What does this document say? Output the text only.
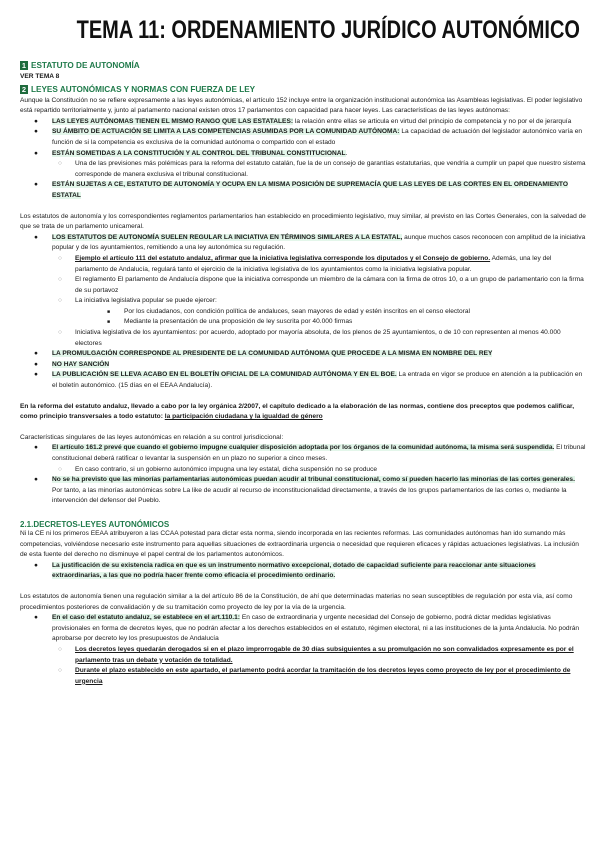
TEMA 11: ORDENAMIENTO JURÍDICO AUTONÓMICO
1 ESTATUTO DE AUTONOMÍA

VER TEMA 8

2 LEYES AUTONÓMICAS Y NORMAS CON FUERZA DE LEY

Aunque la Constitución no se refiere expresamente a las leyes autonómicas, el artículo 152 incluye entre la organización institucional autonómica las Asambleas legislativas. El poder legislativo está repartido territorialmente y, junto al parlamento nacional existen otros 17 parlamentos con capacidad para hacer leyes. Las características de las leyes autónomas:

● LAS LEYES AUTÓNOMAS TIENEN EL MISMO RANGO QUE LAS ESTATALES: la relación entre ellas se articula en virtud del principio de competencia y no por el de jerarquía

● SU ÁMBITO DE ACTUACIÓN SE LIMITA A LAS COMPETENCIAS ASUMIDAS POR LA COMUNIDAD AUTÓNOMA: La capacidad de actuación del legislador autonómico varía en función de si la competencia es exclusiva de la comunidad autónoma o compartido con el estado

● ESTÁN SOMETIDAS A LA CONSTITUCIÓN Y AL CONTROL DEL TRIBUNAL CONSTITUCIONAL.

○ Una de las previsiones más polémicas para la reforma del estatuto catalán, fue la de un consejo de garantías estatutarias, que vendría a cumplir un papel que nuestro sistema corresponde de manera exclusiva el tribunal constitucional.

● ESTÁN SUJETAS A CE, ESTATUTO DE AUTONOMÍA Y OCUPA EN LA MISMA POSICIÓN DE SUPREMACÍA QUE LAS LEYES DE LAS CORTES EN EL ORDENAMIENTO ESTATAL

Los estatutos de autonomía y los correspondientes reglamentos parlamentarios han establecido en procedimiento legislativo, muy similar, al previsto en las Cortes Generales, con la salvedad de que se trata de un parlamento unicameral.

● LOS ESTATUTOS DE AUTONOMÍA SUELEN REGULAR LA INICIATIVA EN TÉRMINOS SIMILARES A LA ESTATAL, aunque muchos casos reconocen con amplitud de la iniciativa popular y de los ayuntamientos, remitiendo a una ley autonómica su regulación.

○ Ejemplo el artículo 111 del estatuto andaluz, afirmar que la iniciativa legislativa corresponde los diputados y el Consejo de gobierno. Además, una ley del parlamento de Andalucía, regulará tanto el ejercicio de la iniciativa legislativa de los ayuntamientos como la iniciativa legislativa popular.

○ El reglamento El parlamento de Andalucía dispone que la iniciativa corresponde un miembro de la cámara con la firma de otros 10, o a un grupo de parlamentario con la firma de su portavoz

○ La iniciativa legislativa popular se puede ejercer:

■ Por los ciudadanos, con condición política de andaluces, sean mayores de edad y estén inscritos en el censo electoral

■ Mediante la presentación de una proposición de ley suscrita por 40.000 firmas

○ Iniciativa legislativa de los ayuntamientos: por acuerdo, adoptado por mayoría absoluta, de los plenos de 25 ayuntamientos, o de 10 con representen al menos 40.000 electores

● LA PROMULGACIÓN CORRESPONDE AL PRESIDENTE DE LA COMUNIDAD AUTÓNOMA QUE PROCEDE A LA MISMA EN NOMBRE DEL REY

● NO HAY SANCIÓN

● LA PUBLICACIÓN SE LLEVA ACABO EN EL BOLETÍN OFICIAL DE LA COMUNIDAD AUTÓNOMA Y EN EL BOE. La entrada en vigor se produce en atención a la publicación en el boletín autonómico. (15 días en el EEAA Andalucía).

En la reforma del estatuto andaluz, llevado a cabo por la ley orgánica 2/2007, el capítulo dedicado a la elaboración de las normas, contiene dos preceptos que podemos calificar, como principio transversales a todo estatuto: la participación ciudadana y la igualdad de género

Características singulares de las leyes autonómicas en relación a su control jurisdiccional:

● El artículo 161.2 prevé que cuando el gobierno impugne cualquier disposición adoptada por los órganos de la comunidad autónoma, la misma será suspendida. El tribunal constitucional deberá ratificar o levantar la suspensión en un plazo no superior a cinco meses.

○ En caso contrario, si un gobierno autonómico impugna una ley estatal, dicha suspensión no se produce

● No se ha previsto que las minorías parlamentarias autonómicas puedan acudir al tribunal constitucional, como sí pueden hacerlo las minorías de las cortes generales. Por tanto, a las minorías autonómicas sobre La like de acudir al recurso de inconstitucionalidad directamente, a través de los grupos parlamentarios de las cortes o, mediante la intervención del defensor del Pueblo.

2.1.DECRETOS-LEYES AUTONÓMICOS

Ni la CE ni los primeros EEAA atribuyeron a las CCAA potestad para dictar esta norma, siendo incorporada en las recientes reformas. Las comunidades autónomas han ido sumando más competencias, volviéndose necesario este instrumento para aquellas situaciones de extraordinaria urgencia o necesidad que requieren eficaces y rápidas actuaciones legislativas. La inclusión de esta fuente del derecho no disminuye el papel central de los parlamentos autonómicos.

● La justificación de su existencia radica en que es un instrumento normativo excepcional, dotado de capacidad suficiente para reaccionar ante situaciones extraordinarias, a las que no podría hacer frente como eficacia el procedimiento ordinario.

Los estatutos de autonomía tienen una regulación similar a la del artículo 86 de la Constitución, de ahí que determinadas materias no sean susceptibles de regulación por esta vía, así como procedimientos posteriores de convalidación y de su tramitación como proyecto de ley por la vía de la urgencia.

● En el caso del estatuto andaluz, se establece en el art.110.1: En caso de extraordinaria y urgente necesidad del Consejo de gobierno, podrá dictar medidas legislativas provisionales en forma de decretos leyes, que no podrán afectar a los derechos establecidos en el estatuto, régimen electoral, ni a las instituciones de la junta Andalucía. No podrán aprobarse por decreto ley los presupuestos de Andalucía

○ Los decretos leyes quedarán derogados si en el plazo improrrogable de 30 días subsiguientes a su promulgación no son convalidados expresamente es por el parlamento tras un debate y votación de totalidad.

○ Durante el plazo establecido en este apartado, el parlamento podrá acordar la tramitación de los decretos leyes como proyecto de ley por el procedimiento de urgencia
